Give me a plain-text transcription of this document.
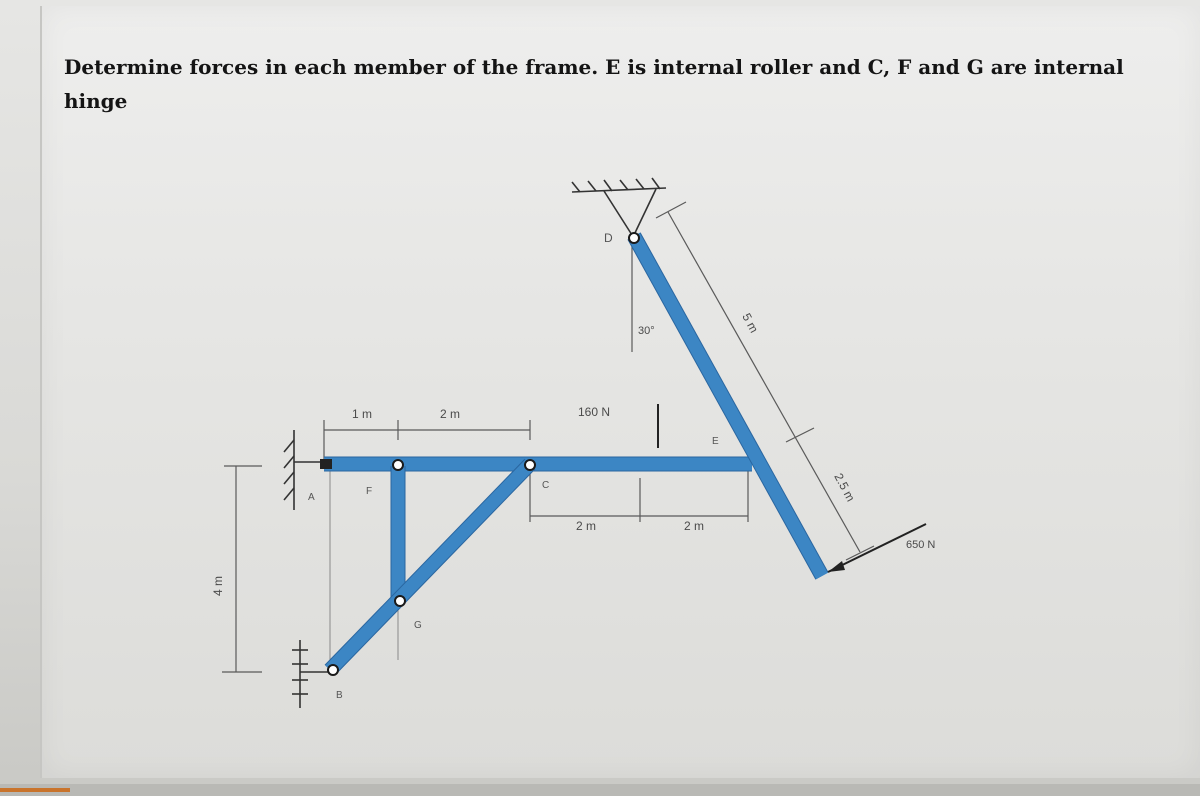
Determine forces in each member of the frame. E is internal roller and C, F and G are internal hinge

4 m
1 m	2 m
2 m	2 m
30°	5 m
2.5 m
160 N
D
A
F
C
E
G
B
650 N
